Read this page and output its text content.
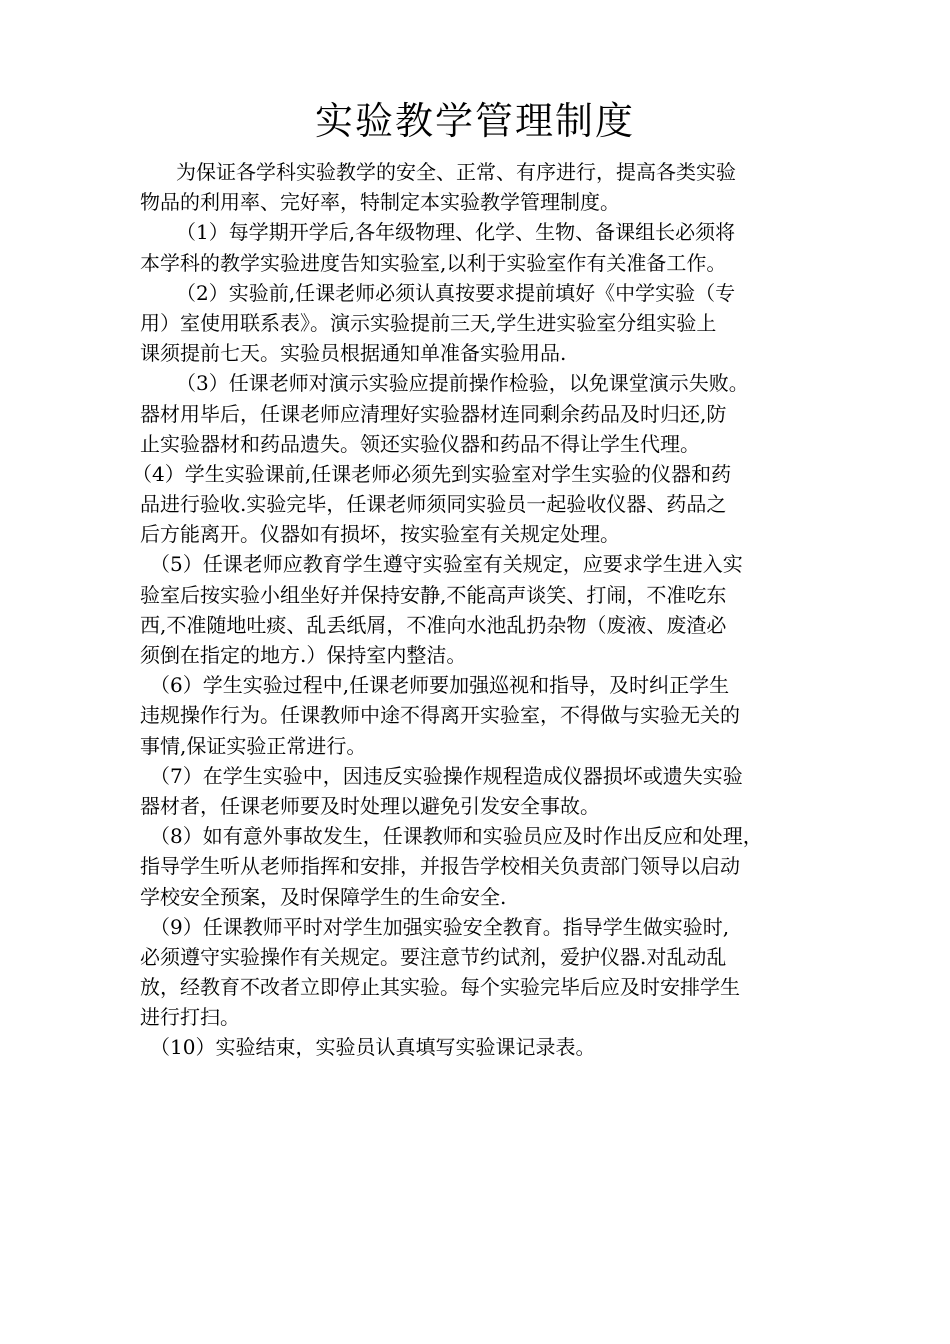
实验教学管理制度
为保证各学科实验教学的安全、正常、有序进行，提高各类实验
物品的利用率、完好率，特制定本实验教学管理制度。
（1）每学期开学后,各年级物理、化学、生物、备课组长必须将
本学科的教学实验进度告知实验室,以利于实验室作有关准备工作。
（2）实验前,任课老师必须认真按要求提前填好《中学实验（专
用）室使用联系表》。演示实验提前三天,学生进实验室分组实验上
课须提前七天。实验员根据通知单准备实验用品.
（3）任课老师对演示实验应提前操作检验，以免课堂演示失败。
器材用毕后，任课老师应清理好实验器材连同剩余药品及时归还,防
止实验器材和药品遗失。领还实验仪器和药品不得让学生代理。
（4）学生实验课前,任课老师必须先到实验室对学生实验的仪器和药
品进行验收.实验完毕，任课老师须同实验员一起验收仪器、药品之
后方能离开。仪器如有损坏，按实验室有关规定处理。
（5）任课老师应教育学生遵守实验室有关规定，应要求学生进入实
验室后按实验小组坐好并保持安静,不能高声谈笑、打闹，不准吃东
西,不准随地吐痰、乱丢纸屑，不准向水池乱扔杂物（废液、废渣必
须倒在指定的地方.）保持室内整洁。
（6）学生实验过程中,任课老师要加强巡视和指导，及时纠正学生
违规操作行为。任课教师中途不得离开实验室，不得做与实验无关的
事情,保证实验正常进行。
（7）在学生实验中，因违反实验操作规程造成仪器损坏或遗失实验
器材者，任课老师要及时处理以避免引发安全事故。
（8）如有意外事故发生，任课教师和实验员应及时作出反应和处理，
指导学生听从老师指挥和安排，并报告学校相关负责部门领导以启动
学校安全预案，及时保障学生的生命安全.
（9）任课教师平时对学生加强实验安全教育。指导学生做实验时,
必须遵守实验操作有关规定。要注意节约试剂，爱护仪器.对乱动乱
放，经教育不改者立即停止其实验。每个实验完毕后应及时安排学生
进行打扫。
（10）实验结束，实验员认真填写实验课记录表。
